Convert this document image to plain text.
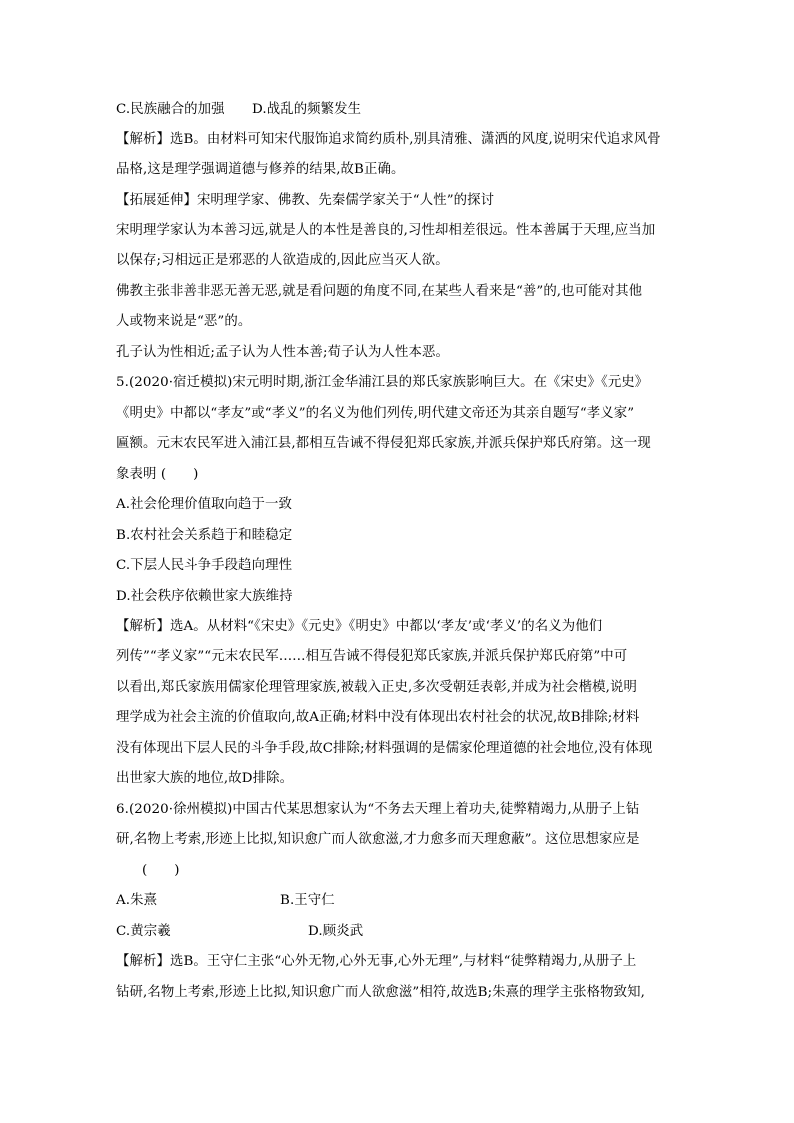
C.民族融合的加强 D.战乱的频繁发生
【解析】选B。由材料可知宋代服饰追求简约质朴,别具清雅、潇洒的风度,说明宋代追求风骨
品格,这是理学强调道德与修养的结果,故B正确。
【拓展延伸】宋明理学家、佛教、先秦儒学家关于“人性”的探讨
宋明理学家认为本善习远,就是人的本性是善良的,习性却相差很远。性本善属于天理,应当加
以保存;习相远正是邪恶的人欲造成的,因此应当灭人欲。
佛教主张非善非恶无善无恶,就是看问题的角度不同,在某些人看来是“善”的,也可能对其他
人或物来说是“恶”的。
孔子认为性相近;孟子认为人性本善;荀子认为人性本恶。
5.(2020·宿迁模拟)宋元明时期,浙江金华浦江县的郑氏家族影响巨大。在《宋史》《元史》
《明史》中都以“孝友”或“孝义”的名义为他们列传,明代建文帝还为其亲自题写“孝义家”
匾额。元末农民军进入浦江县,都相互告诫不得侵犯郑氏家族,并派兵保护郑氏府第。这一现
象表明 (　　)
A.社会伦理价值取向趋于一致
B.农村社会关系趋于和睦稳定
C.下层人民斗争手段趋向理性
D.社会秩序依赖世家大族维持
【解析】选A。从材料“《宋史》《元史》《明史》中都以‘孝友’或‘孝义’的名义为他们
列传”“孝义家”“元末农民军……相互告诫不得侵犯郑氏家族,并派兵保护郑氏府第”中可
以看出,郑氏家族用儒家伦理管理家族,被载入正史,多次受朝廷表彰,并成为社会楷模,说明
理学成为社会主流的价值取向,故A正确;材料中没有体现出农村社会的状况,故B排除;材料
没有体现出下层人民的斗争手段,故C排除;材料强调的是儒家伦理道德的社会地位,没有体现
出世家大族的地位,故D排除。
6.(2020·徐州模拟)中国古代某思想家认为“不务去天理上着功夫,徒弊精竭力,从册子上钻
研,名物上考索,形迹上比拟,知识愈广而人欲愈滋,才力愈多而天理愈蔽”。这位思想家应是
(　　)
A.朱熹	B.王守仁
C.黄宗羲	D.顾炎武
【解析】选B。王守仁主张“心外无物,心外无事,心外无理”,与材料“徒弊精竭力,从册子上
钻研,名物上考索,形迹上比拟,知识愈广而人欲愈滋”相符,故选B;朱熹的理学主张格物致知,
